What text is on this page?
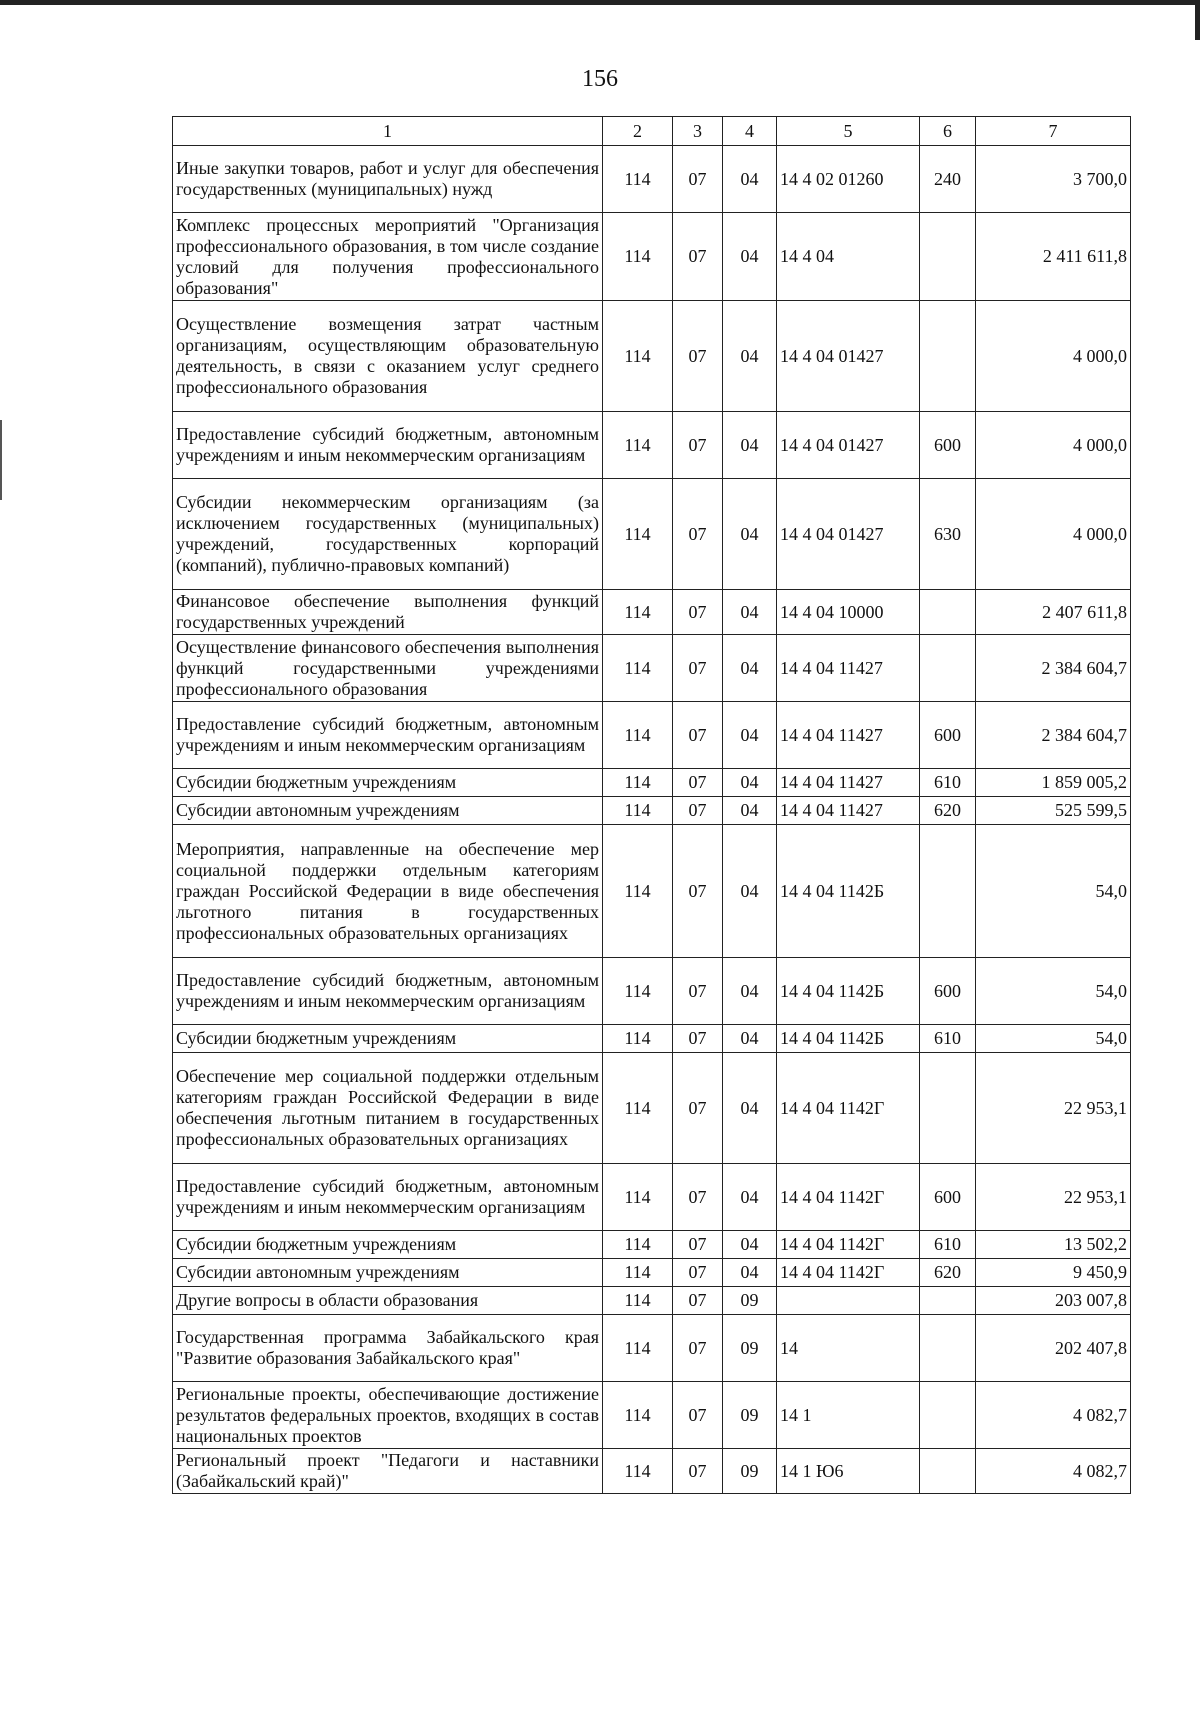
156
1	2	3	4	5	6	7
Иные закупки товаров, работ и услуг для обеспечения государственных (муниципальных) нужд	114	07	04	14 4 02 01260	240	3 700,0
Комплекс процессных мероприятий "Организация профессионального образования, в том числе создание условий для получения профессионального образования"	114	07	04	14 4 04		2 411 611,8
Осуществление возмещения затрат частным организациям, осуществляющим образовательную деятельность, в связи с оказанием услуг среднего профессионального образования	114	07	04	14 4 04 01427		4 000,0
Предоставление субсидий бюджетным, автономным учреждениям и иным некоммерческим организациям	114	07	04	14 4 04 01427	600	4 000,0
Субсидии некоммерческим организациям (за исключением государственных (муниципальных) учреждений, государственных корпораций (компаний), публично-правовых компаний)	114	07	04	14 4 04 01427	630	4 000,0
Финансовое обеспечение выполнения функций государственных учреждений	114	07	04	14 4 04 10000		2 407 611,8
Осуществление финансового обеспечения выполнения функций государственными учреждениями профессионального образования	114	07	04	14 4 04 11427		2 384 604,7
Предоставление субсидий бюджетным, автономным учреждениям и иным некоммерческим организациям	114	07	04	14 4 04 11427	600	2 384 604,7
Субсидии бюджетным учреждениям	114	07	04	14 4 04 11427	610	1 859 005,2
Субсидии автономным учреждениям	114	07	04	14 4 04 11427	620	525 599,5
Мероприятия, направленные на обеспечение мер социальной поддержки отдельным категориям граждан Российской Федерации в виде обеспечения льготного питания в государственных профессиональных образовательных организациях	114	07	04	14 4 04 1142Б		54,0
Предоставление субсидий бюджетным, автономным учреждениям и иным некоммерческим организациям	114	07	04	14 4 04 1142Б	600	54,0
Субсидии бюджетным учреждениям	114	07	04	14 4 04 1142Б	610	54,0
Обеспечение мер социальной поддержки отдельным категориям граждан Российской Федерации в виде обеспечения льготным питанием в государственных профессиональных образовательных организациях	114	07	04	14 4 04 1142Г		22 953,1
Предоставление субсидий бюджетным, автономным учреждениям и иным некоммерческим организациям	114	07	04	14 4 04 1142Г	600	22 953,1
Субсидии бюджетным учреждениям	114	07	04	14 4 04 1142Г	610	13 502,2
Субсидии автономным учреждениям	114	07	04	14 4 04 1142Г	620	9 450,9
Другие вопросы в области образования	114	07	09			203 007,8
Государственная программа Забайкальского края "Развитие образования Забайкальского края"	114	07	09	14		202 407,8
Региональные проекты, обеспечивающие достижение результатов федеральных проектов, входящих в состав национальных проектов	114	07	09	14 1		4 082,7
Региональный проект "Педагоги и наставники (Забайкальский край)"	114	07	09	14 1 Ю6		4 082,7
